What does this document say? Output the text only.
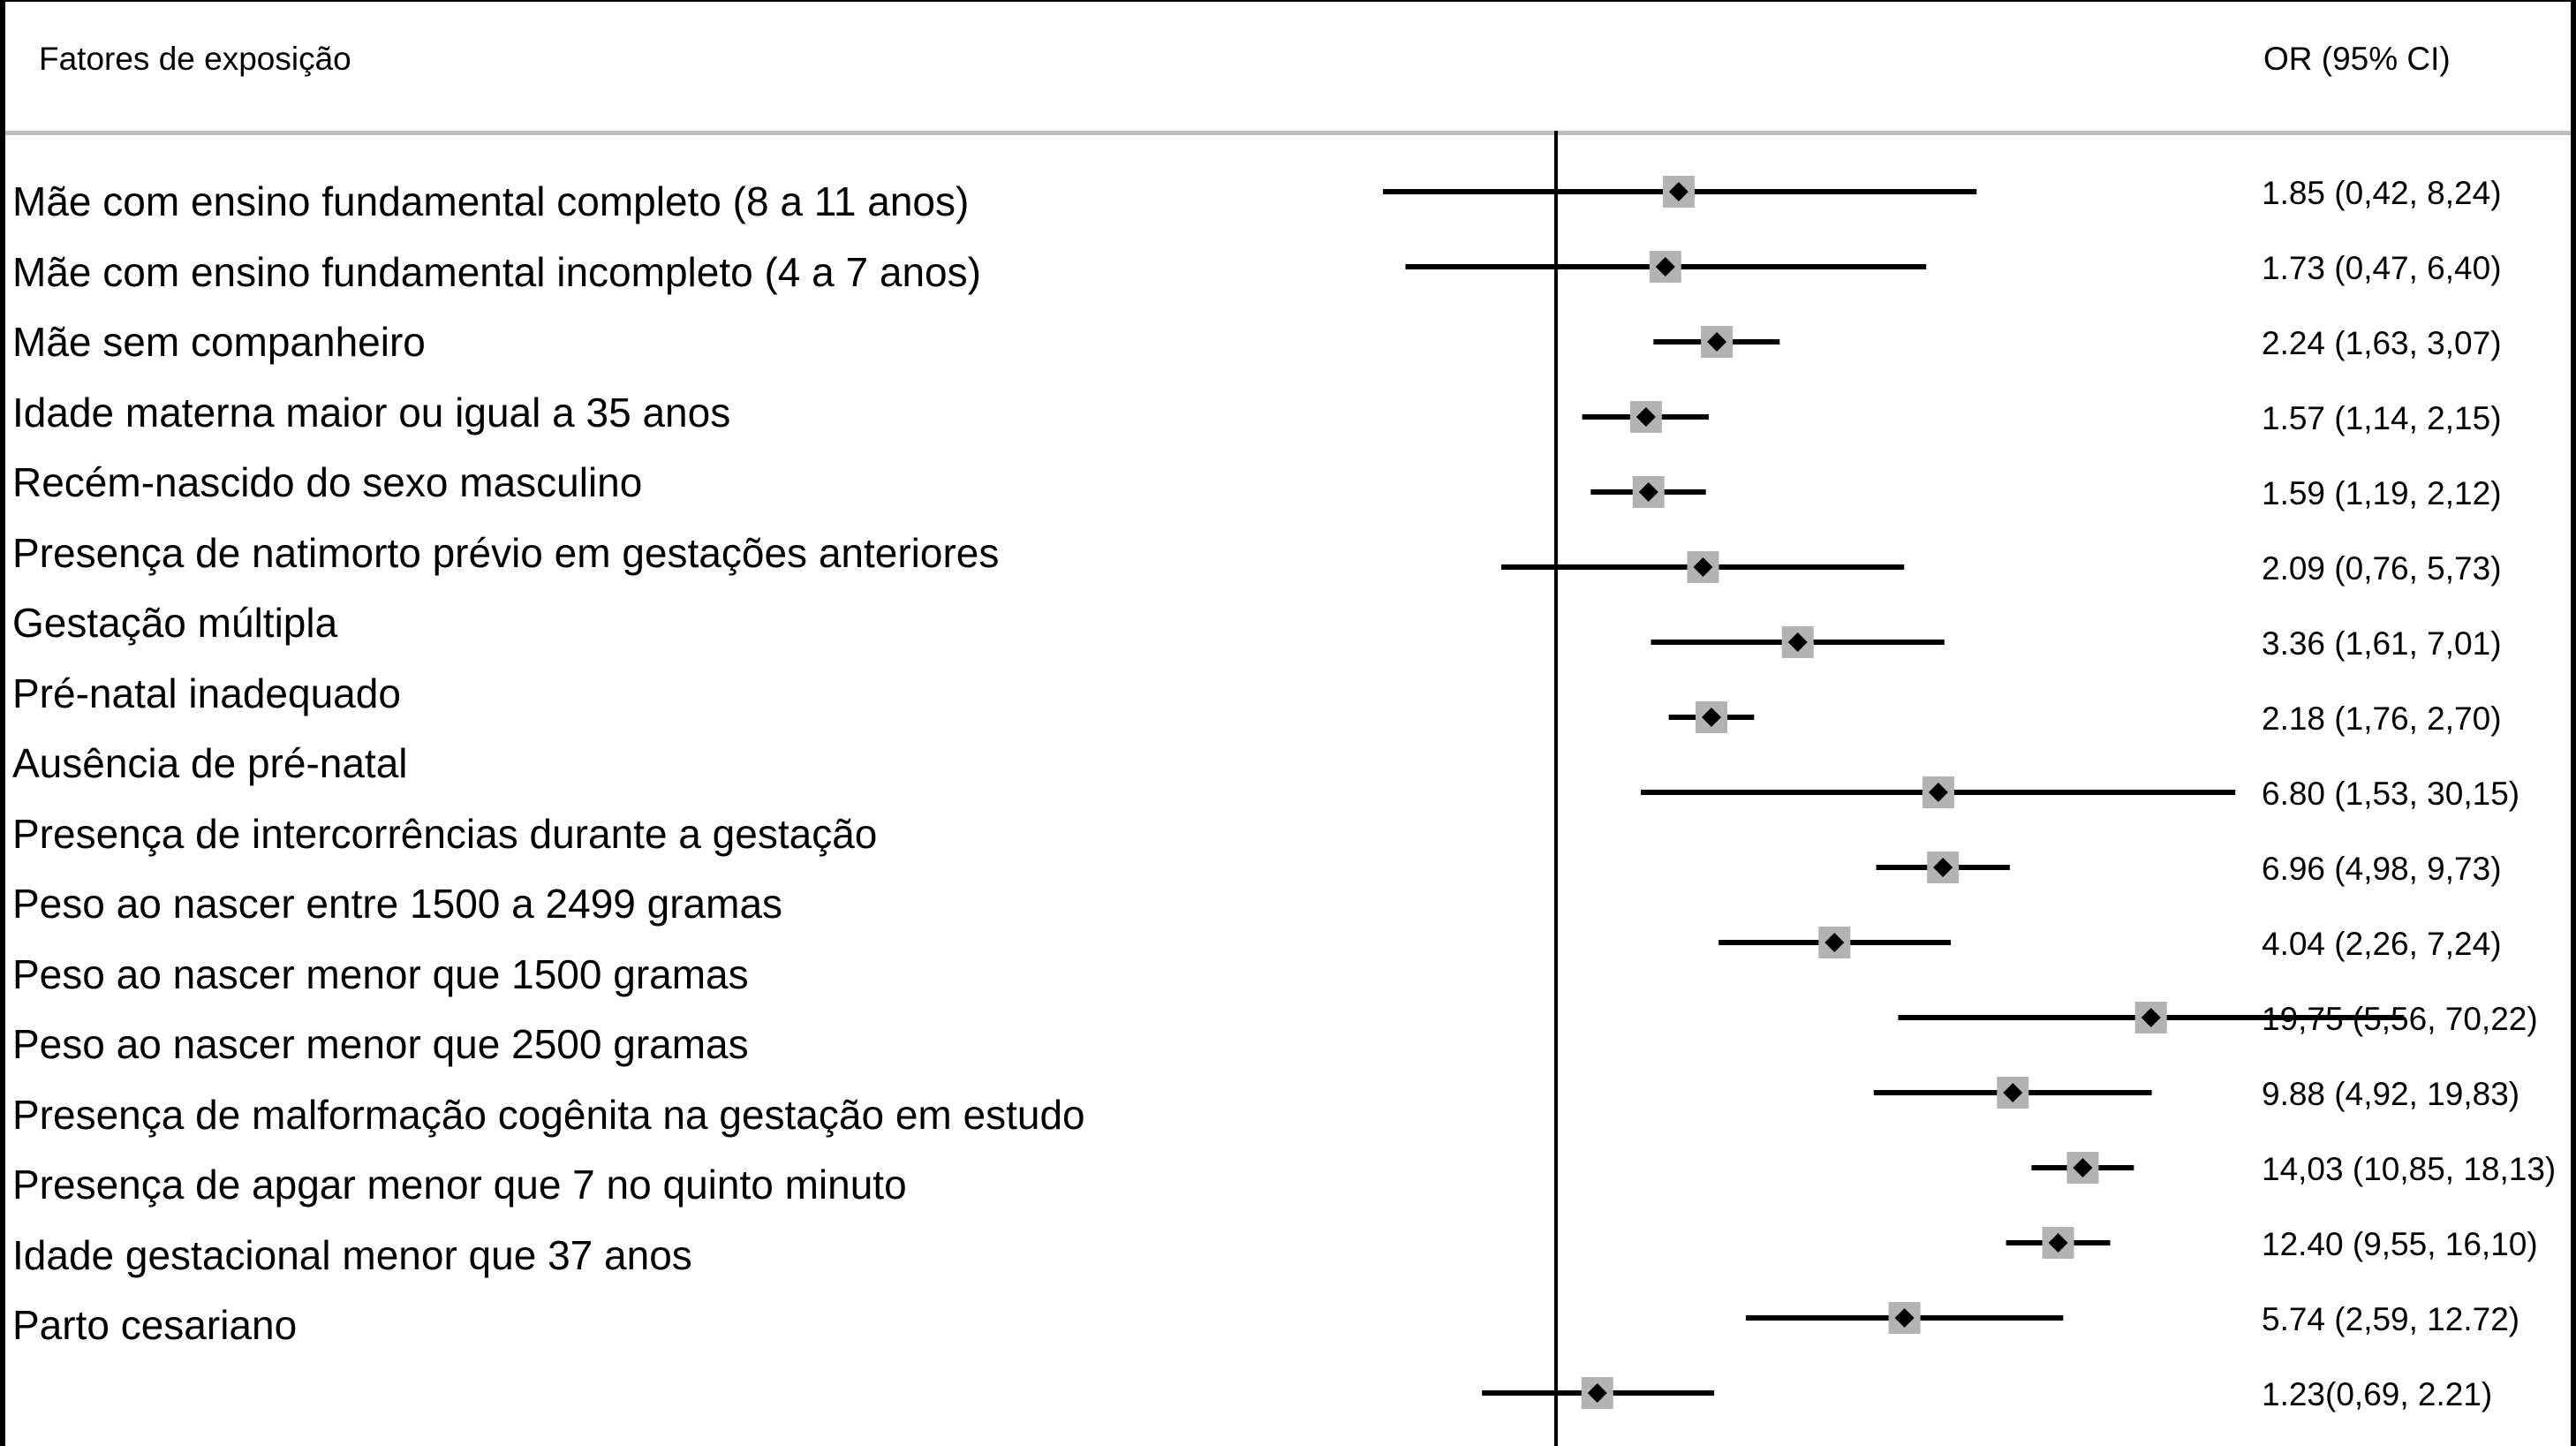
Fatores de exposição	OR (95% CI)
Mãe com ensino fundamental completo (8 a 11 anos)
Mãe com ensino fundamental incompleto (4 a 7 anos)
Mãe sem companheiro
Idade materna maior ou igual a 35 anos
Recém-nascido do sexo masculino
Presença de natimorto prévio em gestações anteriores
Gestação múltipla
Pré-natal inadequado
Ausência de pré-natal
Presença de intercorrências durante a gestação
Peso ao nascer entre 1500 a 2499 gramas
Peso ao nascer menor que 1500 gramas
Peso ao nascer menor que 2500 gramas
Presença de malformação cogênita na gestação em estudo
Presença de apgar menor que 7 no quinto minuto
Idade gestacional menor que 37 anos
Parto cesariano
1.85 (0,42, 8,24)
1.73 (0,47, 6,40)
2.24 (1,63, 3,07)
1.57 (1,14, 2,15)
1.59 (1,19, 2,12)
2.09 (0,76, 5,73)
3.36 (1,61, 7,01)
2.18 (1,76, 2,70)
6.80 (1,53, 30,15)
6.96 (4,98, 9,73)
4.04 (2,26, 7,24)
19,75 (5,56, 70,22)
9.88 (4,92, 19,83)
14,03 (10,85, 18,13)
12.40 (9,55, 16,10)
5.74 (2,59, 12.72)
1.23(0,69, 2.21)
